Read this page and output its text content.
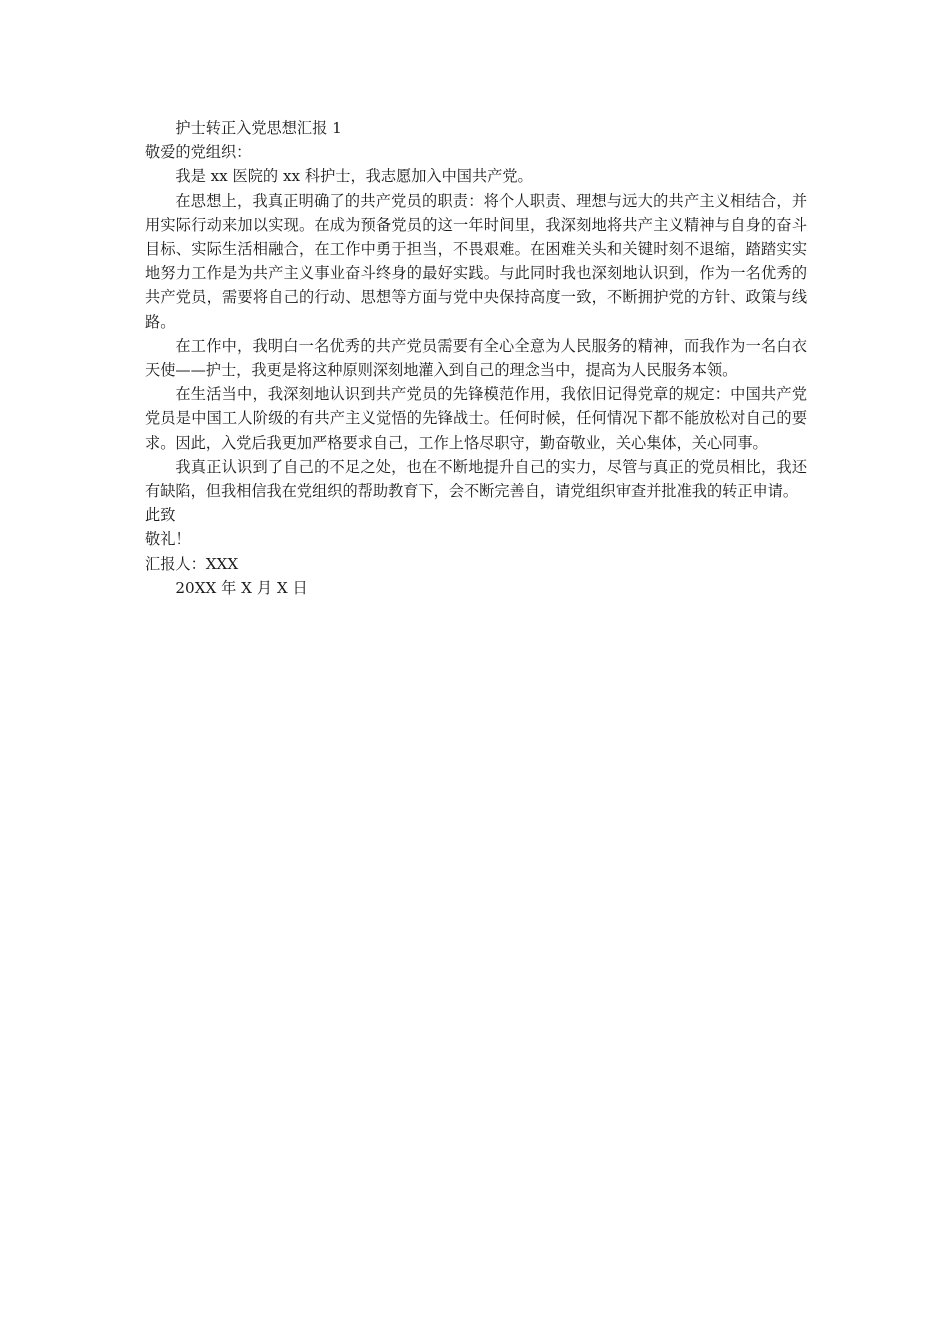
护士转正入党思想汇报 1

敬爱的党组织：

我是 xx 医院的 xx 科护士，我志愿加入中国共产党。

在思想上，我真正明确了的共产党员的职责：将个人职责、理想与远大的共产主义相结合，并用实际行动来加以实现。在成为预备党员的这一年时间里，我深刻地将共产主义精神与自身的奋斗目标、实际生活相融合，在工作中勇于担当，不畏艰难。在困难关头和关键时刻不退缩，踏踏实实地努力工作是为共产主义事业奋斗终身的最好实践。与此同时我也深刻地认识到，作为一名优秀的共产党员，需要将自己的行动、思想等方面与党中央保持高度一致，不断拥护党的方针、政策与线路。

在工作中，我明白一名优秀的共产党员需要有全心全意为人民服务的精神，而我作为一名白衣天使——护士，我更是将这种原则深刻地灌入到自己的理念当中，提高为人民服务本领。

在生活当中，我深刻地认识到共产党员的先锋模范作用，我依旧记得党章的规定：中国共产党党员是中国工人阶级的有共产主义觉悟的先锋战士。任何时候，任何情况下都不能放松对自己的要求。因此，入党后我更加严格要求自己，工作上恪尽职守，勤奋敬业，关心集体，关心同事。

我真正认识到了自己的不足之处，也在不断地提升自己的实力，尽管与真正的党员相比，我还有缺陷，但我相信我在党组织的帮助教育下，会不断完善自，请党组织审查并批准我的转正申请。

此致

敬礼！

汇报人：XXX

20XX 年 X 月 X 日
